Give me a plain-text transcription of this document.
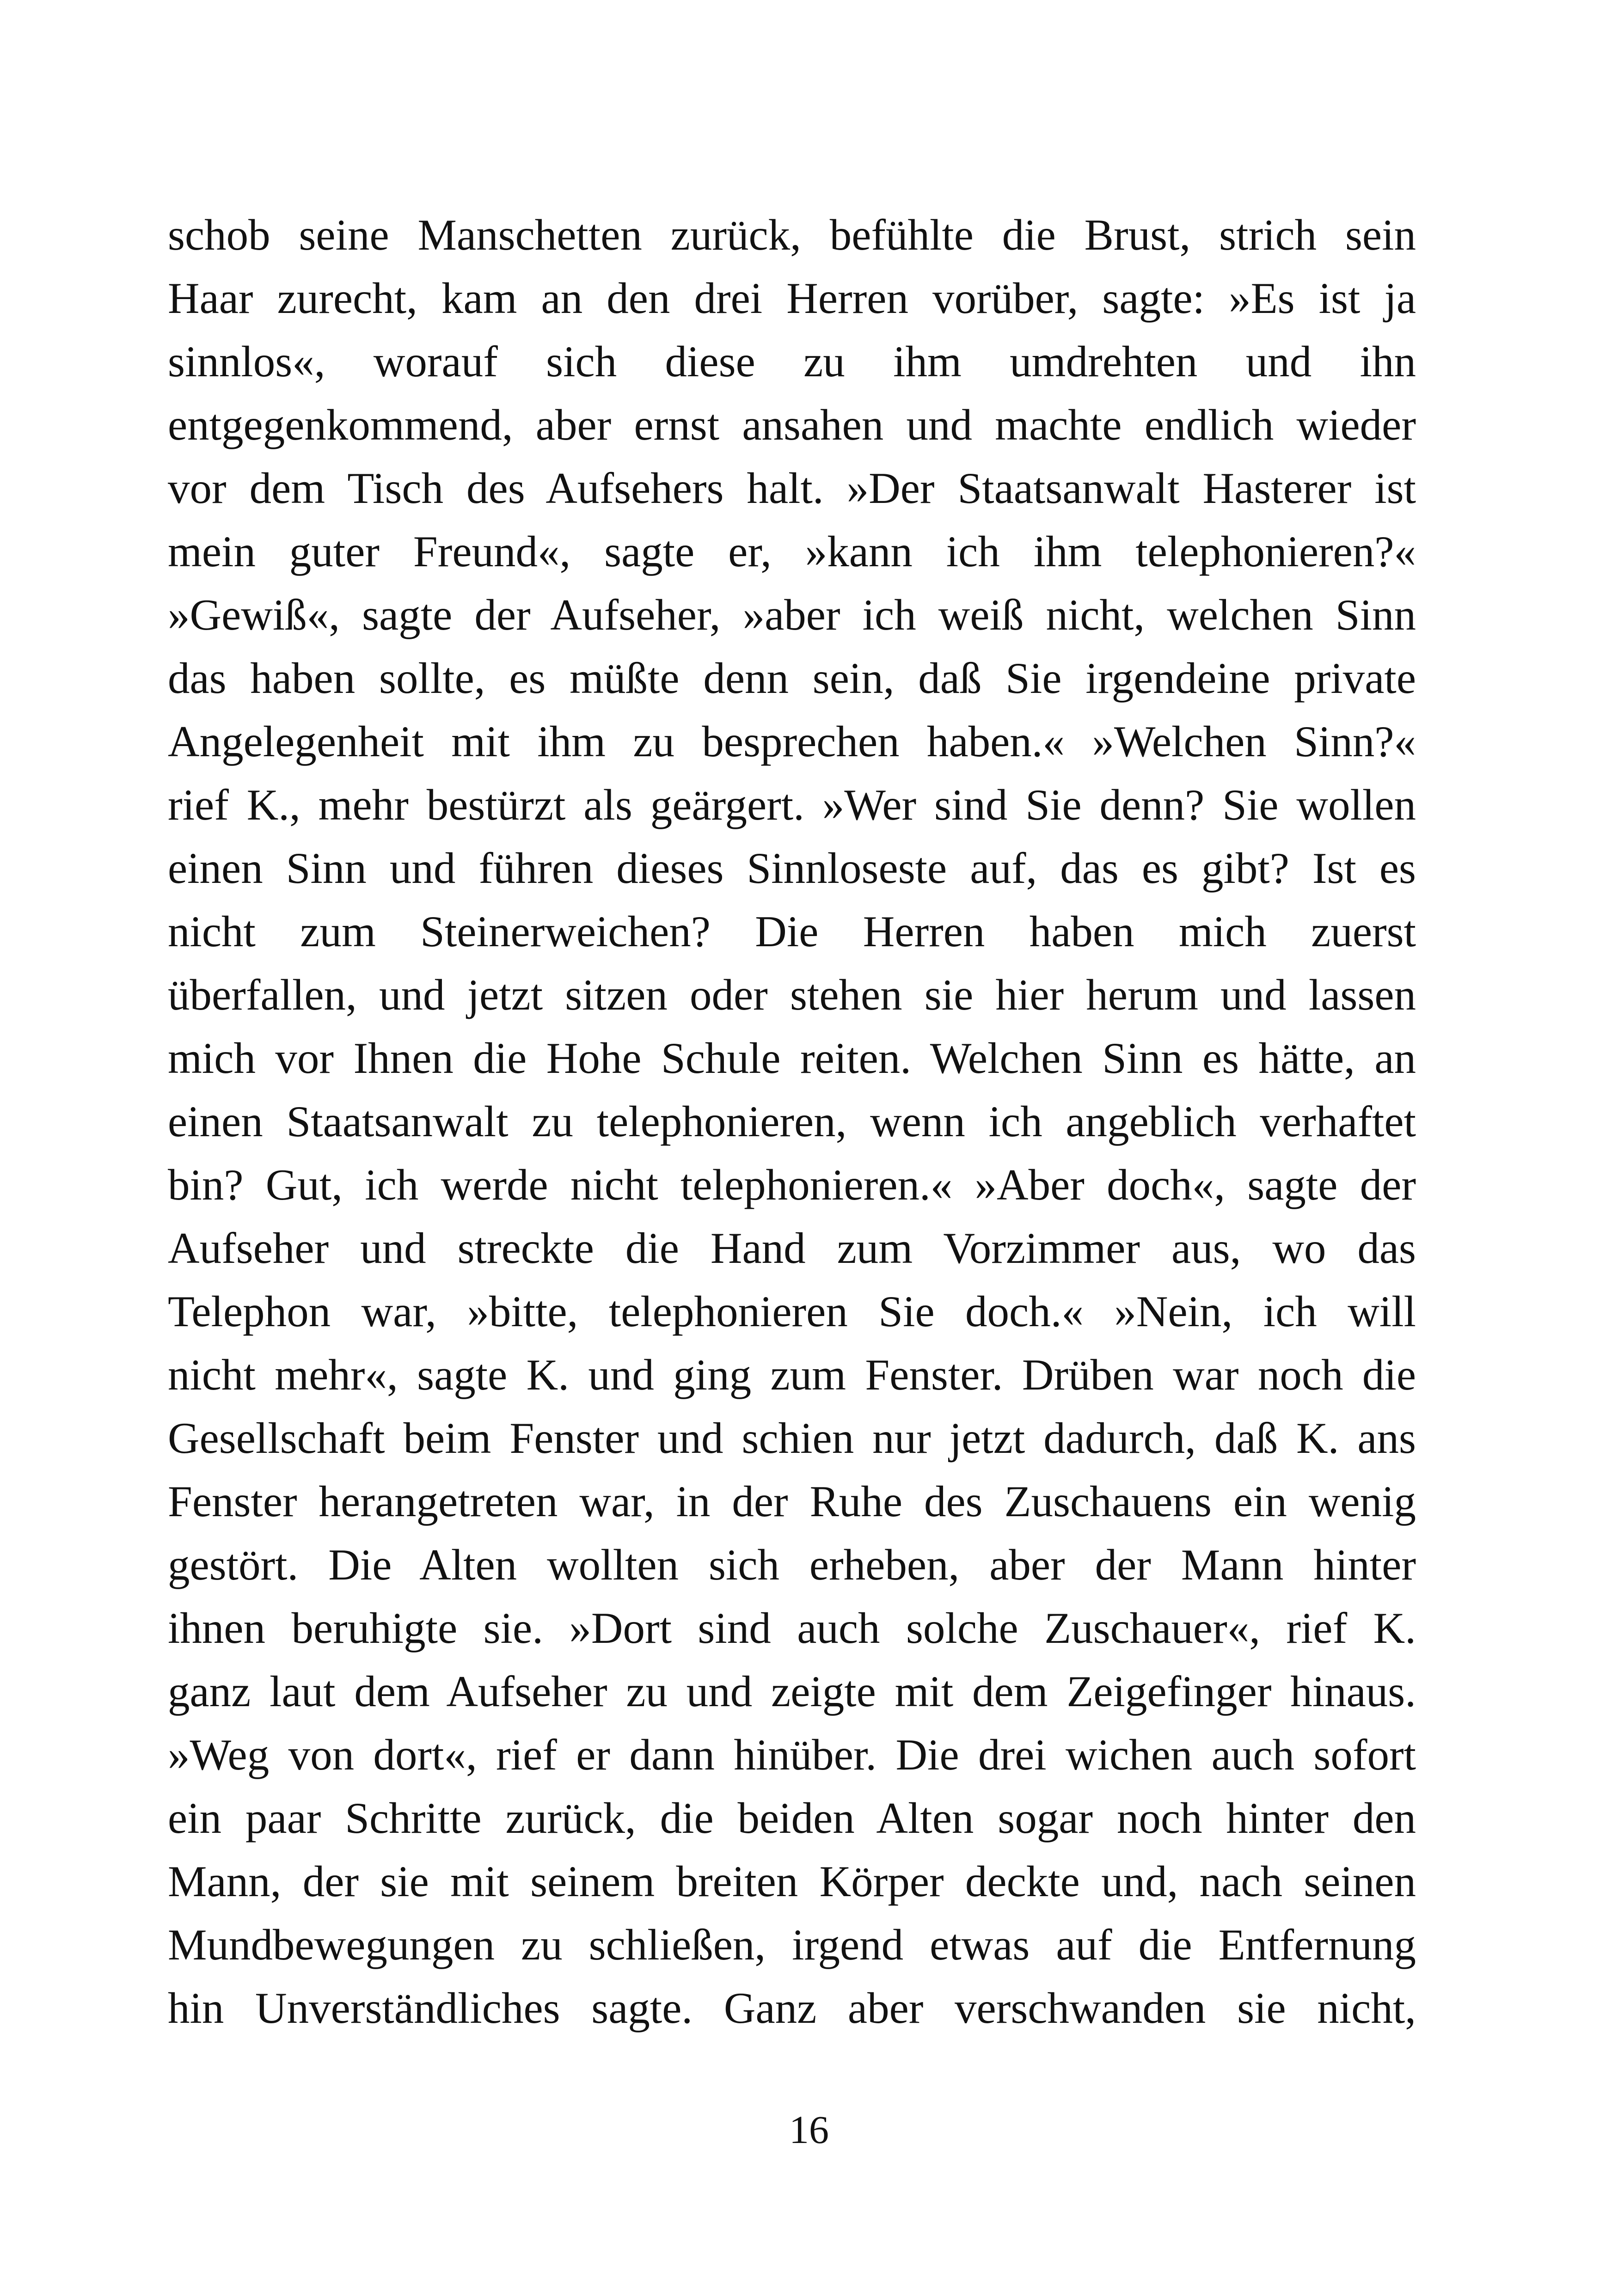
schob seine Manschetten zurück, befühlte die Brust, strich sein
Haar zurecht, kam an den drei Herren vorüber, sagte: »Es ist ja
sinnlos«, worauf sich diese zu ihm umdrehten und ihn
entgegenkommend, aber ernst ansahen und machte endlich wieder
vor dem Tisch des Aufsehers halt. »Der Staatsanwalt Hasterer ist
mein guter Freund«, sagte er, »kann ich ihm telephonieren?«
»Gewiß«, sagte der Aufseher, »aber ich weiß nicht, welchen Sinn
das haben sollte, es müßte denn sein, daß Sie irgendeine private
Angelegenheit mit ihm zu besprechen haben.« »Welchen Sinn?«
rief K., mehr bestürzt als geärgert. »Wer sind Sie denn? Sie wollen
einen Sinn und führen dieses Sinnloseste auf, das es gibt? Ist es
nicht zum Steinerweichen? Die Herren haben mich zuerst
überfallen, und jetzt sitzen oder stehen sie hier herum und lassen
mich vor Ihnen die Hohe Schule reiten. Welchen Sinn es hätte, an
einen Staatsanwalt zu telephonieren, wenn ich angeblich verhaftet
bin? Gut, ich werde nicht telephonieren.« »Aber doch«, sagte der
Aufseher und streckte die Hand zum Vorzimmer aus, wo das
Telephon war, »bitte, telephonieren Sie doch.« »Nein, ich will
nicht mehr«, sagte K. und ging zum Fenster. Drüben war noch die
Gesellschaft beim Fenster und schien nur jetzt dadurch, daß K. ans
Fenster herangetreten war, in der Ruhe des Zuschauens ein wenig
gestört. Die Alten wollten sich erheben, aber der Mann hinter
ihnen beruhigte sie. »Dort sind auch solche Zuschauer«, rief K.
ganz laut dem Aufseher zu und zeigte mit dem Zeigefinger hinaus.
»Weg von dort«, rief er dann hinüber. Die drei wichen auch sofort
ein paar Schritte zurück, die beiden Alten sogar noch hinter den
Mann, der sie mit seinem breiten Körper deckte und, nach seinen
Mundbewegungen zu schließen, irgend etwas auf die Entfernung
hin Unverständliches sagte. Ganz aber verschwanden sie nicht,
16
